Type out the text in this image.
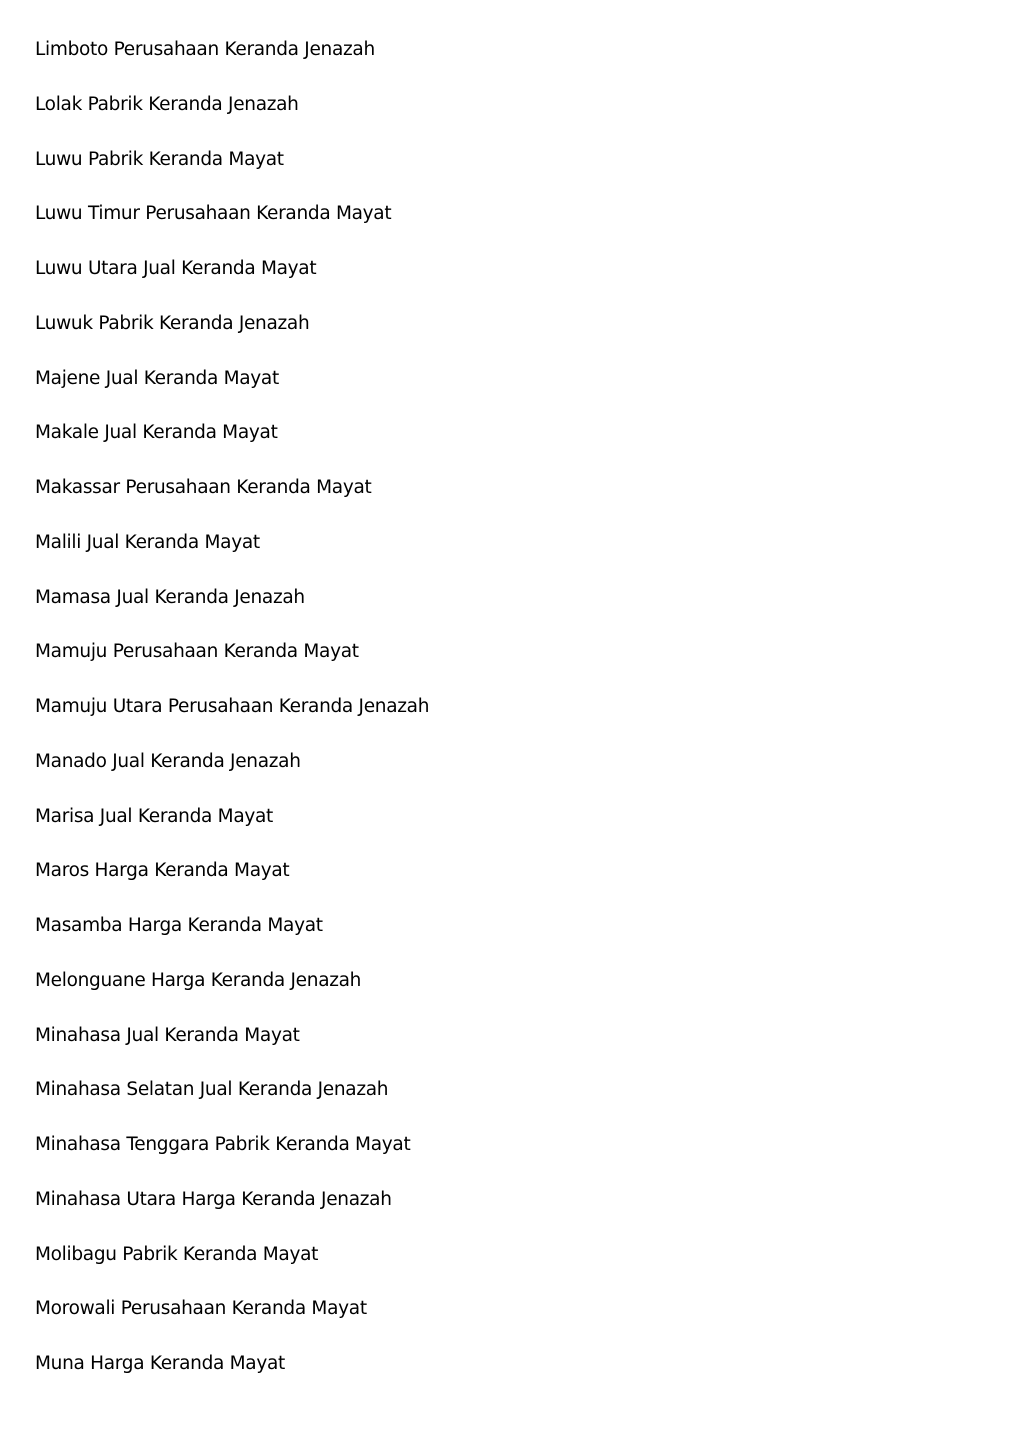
Limboto Perusahaan Keranda Jenazah
Lolak Pabrik Keranda Jenazah
Luwu Pabrik Keranda Mayat
Luwu Timur Perusahaan Keranda Mayat
Luwu Utara Jual Keranda Mayat
Luwuk Pabrik Keranda Jenazah
Majene Jual Keranda Mayat
Makale Jual Keranda Mayat
Makassar Perusahaan Keranda Mayat
Malili Jual Keranda Mayat
Mamasa Jual Keranda Jenazah
Mamuju Perusahaan Keranda Mayat
Mamuju Utara Perusahaan Keranda Jenazah
Manado Jual Keranda Jenazah
Marisa Jual Keranda Mayat
Maros Harga Keranda Mayat
Masamba Harga Keranda Mayat
Melonguane Harga Keranda Jenazah
Minahasa Jual Keranda Mayat
Minahasa Selatan Jual Keranda Jenazah
Minahasa Tenggara Pabrik Keranda Mayat
Minahasa Utara Harga Keranda Jenazah
Molibagu Pabrik Keranda Mayat
Morowali Perusahaan Keranda Mayat
Muna Harga Keranda Mayat
